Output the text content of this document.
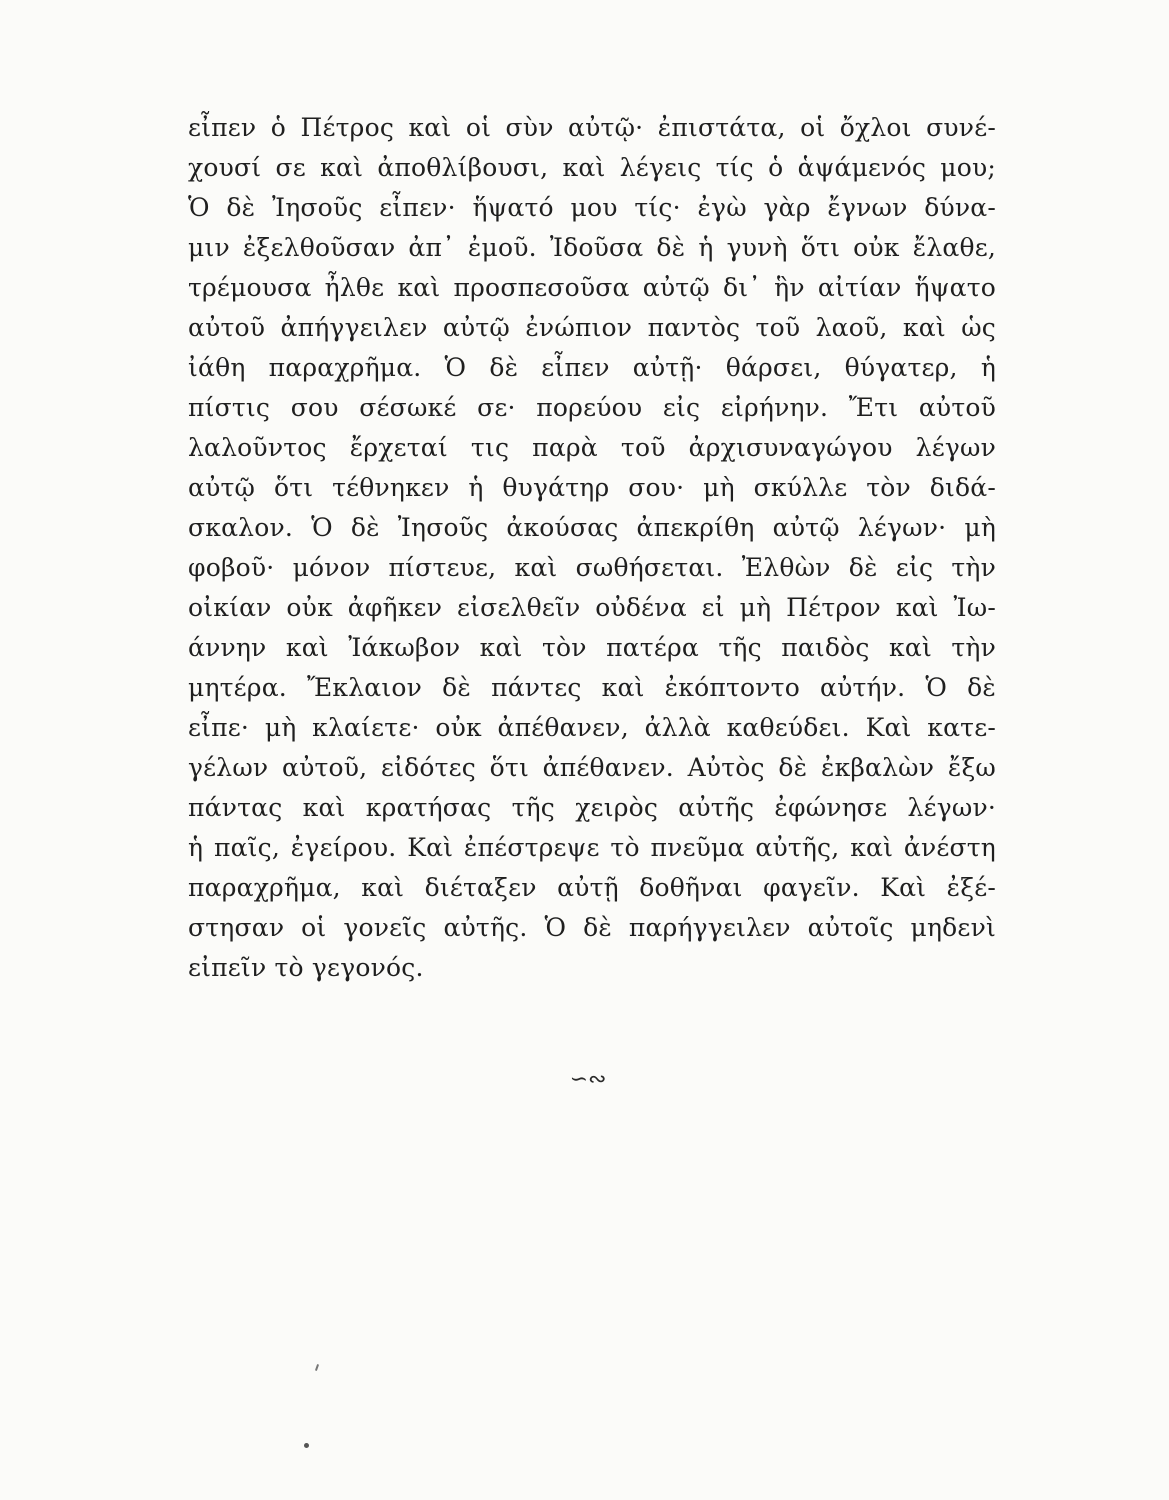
εἶπεν ὁ Πέτρος καὶ οἱ σὺν αὐτῷ· ἐπιστάτα, οἱ ὄχλοι συνέ-
χουσί σε καὶ ἀποθλίβουσι, καὶ λέγεις τίς ὁ ἁψάμενός μου;
Ὁ δὲ Ἰησοῦς εἶπεν· ἥψατό μου τίς· ἐγὼ γὰρ ἔγνων δύνα-
μιν ἐξελθοῦσαν ἀπ᾿ ἐμοῦ. Ἰδοῦσα δὲ ἡ γυνὴ ὅτι οὐκ ἔλαθε,
τρέμουσα ἦλθε καὶ προσπεσοῦσα αὐτῷ δι᾿ ἣν αἰτίαν ἥψατο
αὐτοῦ ἀπήγγειλεν αὐτῷ ἐνώπιον παντὸς τοῦ λαοῦ, καὶ ὡς
ἰάθη παραχρῆμα. Ὁ δὲ εἶπεν αὐτῇ· θάρσει, θύγατερ, ἡ
πίστις σου σέσωκέ σε· πορεύου εἰς εἰρήνην. Ἔτι αὐτοῦ
λαλοῦντος ἔρχεταί τις παρὰ τοῦ ἀρχισυναγώγου λέγων
αὐτῷ ὅτι τέθνηκεν ἡ θυγάτηρ σου· μὴ σκύλλε τὸν διδά-
σκαλον. Ὁ δὲ Ἰησοῦς ἀκούσας ἀπεκρίθη αὐτῷ λέγων· μὴ
φοβοῦ· μόνον πίστευε, καὶ σωθήσεται. Ἐλθὼν δὲ εἰς τὴν
οἰκίαν οὐκ ἀφῆκεν εἰσελθεῖν οὐδένα εἰ μὴ Πέτρον καὶ Ἰω-
άννην καὶ Ἰάκωβον καὶ τὸν πατέρα τῆς παιδὸς καὶ τὴν
μητέρα. Ἔκλαιον δὲ πάντες καὶ ἐκόπτοντο αὐτήν. Ὁ δὲ
εἶπε· μὴ κλαίετε· οὐκ ἀπέθανεν, ἀλλὰ καθεύδει. Καὶ κατε-
γέλων αὐτοῦ, εἰδότες ὅτι ἀπέθανεν. Αὐτὸς δὲ ἐκβαλὼν ἔξω
πάντας καὶ κρατήσας τῆς χειρὸς αὐτῆς ἐφώνησε λέγων·
ἡ παῖς, ἐγείρου. Καὶ ἐπέστρεψε τὸ πνεῦμα αὐτῆς, καὶ ἀνέστη
παραχρῆμα, καὶ διέταξεν αὐτῇ δοθῆναι φαγεῖν. Καὶ ἐξέ-
στησαν οἱ γονεῖς αὐτῆς. Ὁ δὲ παρήγγειλεν αὐτοῖς μηδενὶ
εἰπεῖν τὸ γεγονός.
∽∾
